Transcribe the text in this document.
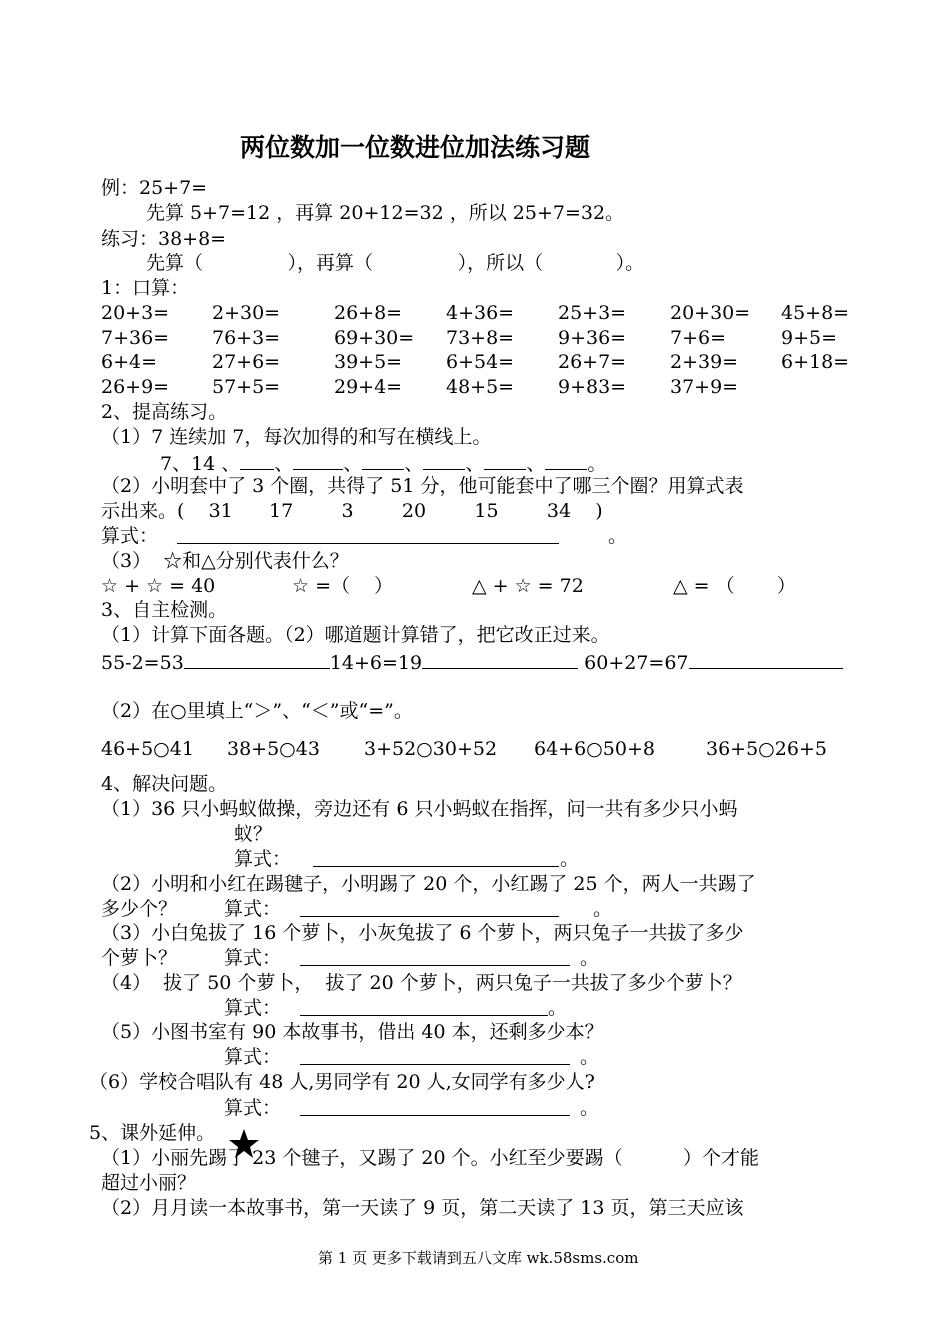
两位数加一位数进位加法练习题
例：25+7=
先算 5+7=12 ，再算 20+12=32 ，所以 25+7=32。
练习：38+8=
先算（              ），再算（              ），所以（            ）。
1：口算：
20+3= 2+30=	26+8= 4+36= 25+3= 20+30= 45+8=
7+36= 76+3=	69+30= 73+8= 9+36= 7+6=	9+5=
6+4=	27+6=	39+5= 6+54= 26+7= 2+39= 6+18=
26+9= 57+5=	29+4= 48+5= 9+83= 37+9=
2、提高练习。
（1）7 连续加 7，每次加得的和写在横线上。
7、14 、 、	、 、 、 、 。
（2）小明套中了 3 个圈，共得了 51 分，他可能套中了哪三个圈？用算式表
示出来。(    31      17        3        20        15        34    )
算式：	。
（3）  ☆和△分别代表什么？
☆ + ☆ = 40	☆ =（    ）	△ + ☆ = 72	△ = （       ）
3、自主检测。
（1）计算下面各题。（2）哪道题计算错了，把它改正过来。
55-2=53	14+6=19	60+27=67
（2）在○里填上“＞”、“＜”或“=”。
46+5○41 38+5○43 3+52○30+52 64+6○50+8	36+5○26+5
4、解决问题。
（1）36 只小蚂蚁做操，旁边还有 6 只小蚂蚁在指挥，问一共有多少只小蚂
蚁？
算式：	。
（2）小明和小红在踢毽子，小明踢了 20 个，小红踢了 25 个，两人一共踢了
多少个？ 算式：	。
（3）小白兔拔了 16 个萝卜，小灰兔拔了 6 个萝卜，两只兔子一共拔了多少
个萝卜？ 算式：	。
（4）  拔了 50 个萝卜，  拔了 20 个萝卜，两只兔子一共拔了多少个萝卜？
算式：	。
（5）小图书室有 90 本故事书，借出 40 本，还剩多少本？
算式：	。
（6）学校合唱队有 48 人,男同学有 20 人,女同学有多少人?
算式：	。
5、课外延伸。
（1）小丽先踢了 23 个毽子，又踢了 20 个。小红至少要踢（          ）个才能
超过小丽？
（2）月月读一本故事书，第一天读了 9 页，第二天读了 13 页，第三天应该
第 1 页 更多下载请到五八文库 wk.58sms.com
